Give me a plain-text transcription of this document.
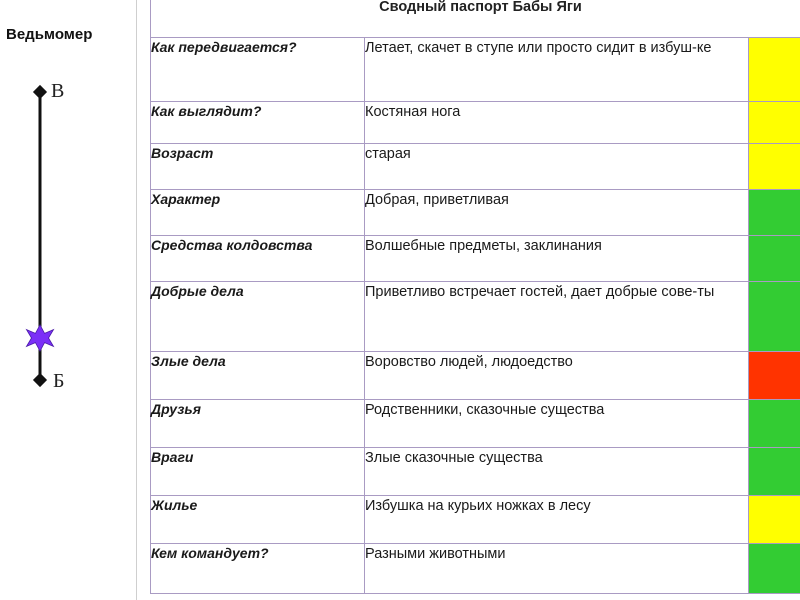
Ведьмомер
В
Б
Сводный паспорт Бабы Яги		
Как передвигается?	Летает, скачет в ступе или просто сидит в избуш-ке	
Как выглядит?	Костяная нога	
Возраст	старая	
Характер	Добрая, приветливая	
Средства колдовства	Волшебные предметы, заклинания	
Добрые дела	Приветливо встречает гостей, дает добрые сове-ты	
Злые дела	Воровство людей, людоедство	
Друзья	Родственники, сказочные существа	
Враги	Злые сказочные существа	
Жилье	Избушка на курьих ножках в лесу	
Кем командует?	Разными животными	
